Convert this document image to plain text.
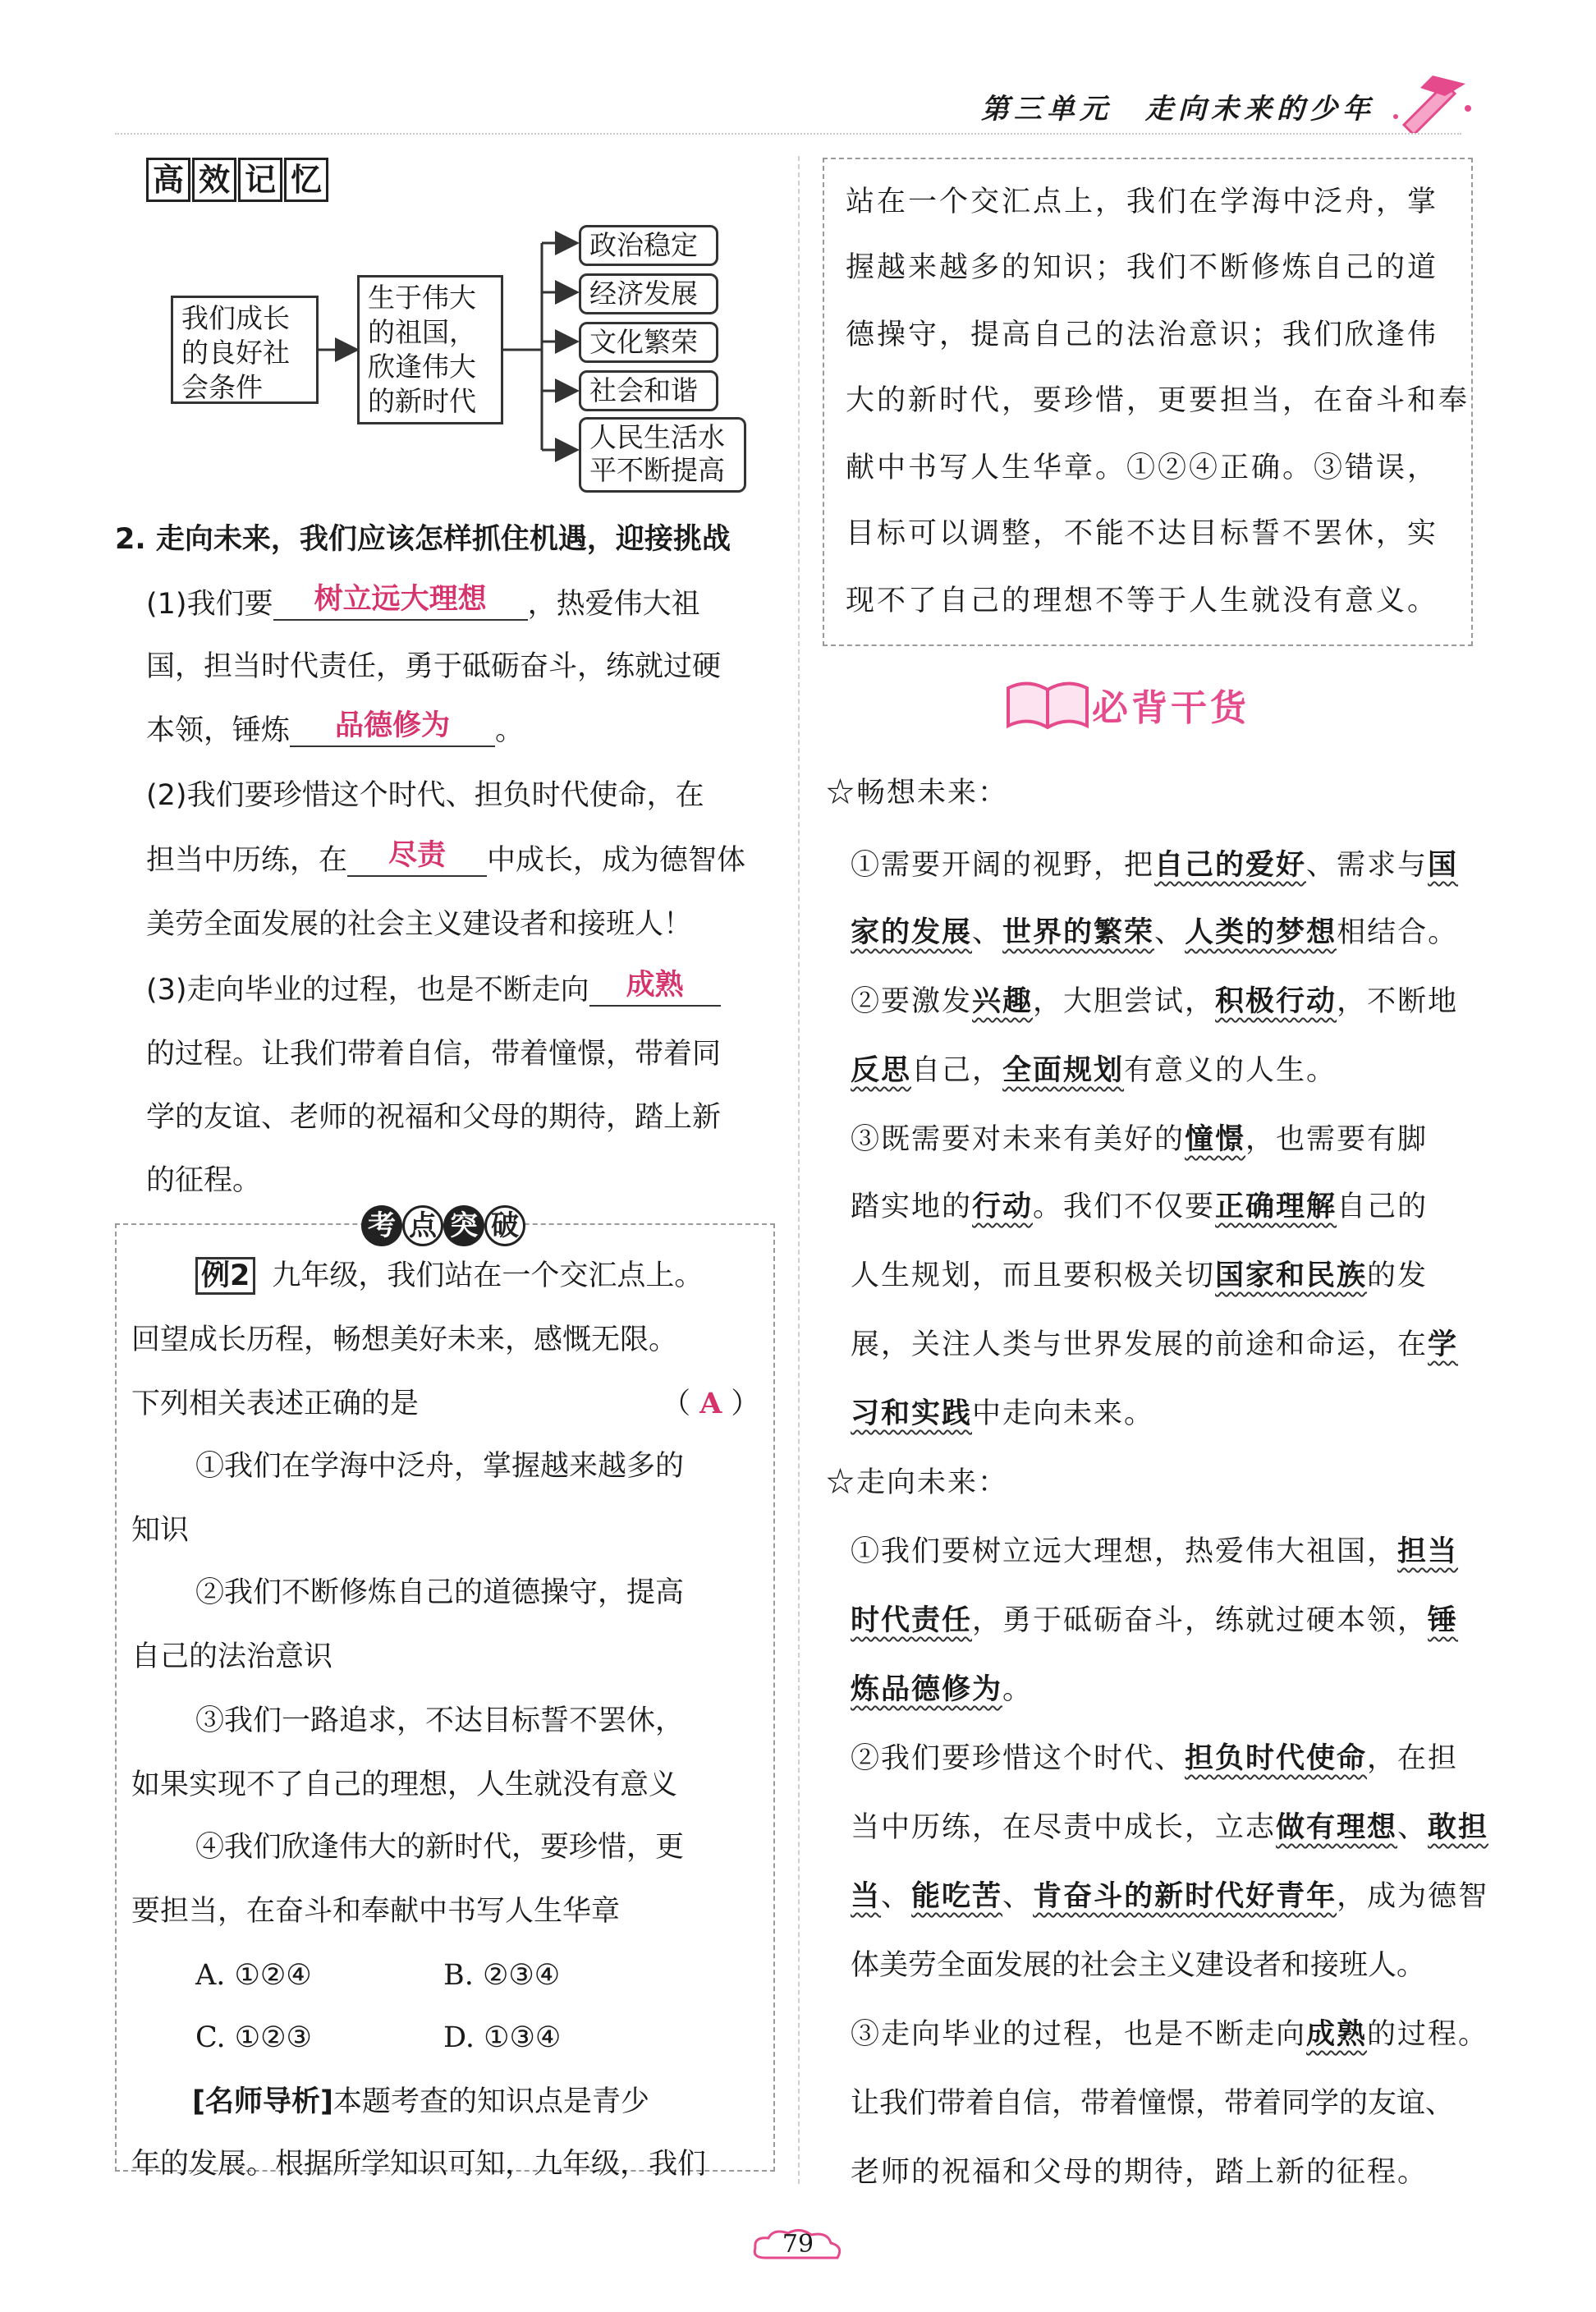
第三单元　走向未来的少年
高 效 记 忆
我们成长
的良好社
会条件
生于伟大
的祖国，
欣逢伟大
的新时代
政治稳定
经济发展
文化繁荣
社会和谐
人民生活水
平不断提高
2. 走向未来，我们应该怎样抓住机遇，迎接挑战
(1)我们要 树立远大理想 ，热爱伟大祖
国，担当时代责任，勇于砥砺奋斗，练就过硬
本领，锤炼 品德修为 。
(2)我们要珍惜这个时代、担负时代使命，在
担当中历练，在 尽责 中成长，成为德智体
美劳全面发展的社会主义建设者和接班人！
(3)走向毕业的过程，也是不断走向 成熟
的过程。让我们带着自信，带着憧憬，带着同
学的友谊、老师的祝福和父母的期待，踏上新
的征程。
考 点 突 破
例2 九年级，我们站在一个交汇点上。
回望成长历程，畅想美好未来，感慨无限。
下列相关表述正确的是	（ A ）
①我们在学海中泛舟，掌握越来越多的
知识
②我们不断修炼自己的道德操守，提高
自己的法治意识
③我们一路追求，不达目标誓不罢休，
如果实现不了自己的理想，人生就没有意义
④我们欣逢伟大的新时代，要珍惜，更
要担当，在奋斗和奉献中书写人生华章
A. ①②④	B. ②③④
C. ①②③	D. ①③④
[名师导析]本题考查的知识点是青少
年的发展。根据所学知识可知，九年级，我们
站在一个交汇点上，我们在学海中泛舟，掌
握越来越多的知识；我们不断修炼自己的道
德操守，提高自己的法治意识；我们欣逢伟
大的新时代，要珍惜，更要担当，在奋斗和奉
献中书写人生华章。①②④正确。③错误，
目标可以调整，不能不达目标誓不罢休，实
现不了自己的理想不等于人生就没有意义。
必背干货
☆畅想未来：
①需要开阔的视野，把自己的爱好、需求与国
家的发展、世界的繁荣、人类的梦想相结合。
②要激发兴趣，大胆尝试，积极行动，不断地
反思自己，全面规划有意义的人生。
③既需要对未来有美好的憧憬，也需要有脚
踏实地的行动。我们不仅要正确理解自己的
人生规划，而且要积极关切国家和民族的发
展，关注人类与世界发展的前途和命运，在学
习和实践中走向未来。
☆走向未来：
①我们要树立远大理想，热爱伟大祖国，担当
时代责任，勇于砥砺奋斗，练就过硬本领，锤
炼品德修为。
②我们要珍惜这个时代、担负时代使命，在担
当中历练，在尽责中成长，立志做有理想、敢担
当、能吃苦、肯奋斗的新时代好青年，成为德智
体美劳全面发展的社会主义建设者和接班人。
③走向毕业的过程，也是不断走向成熟的过程。
让我们带着自信，带着憧憬，带着同学的友谊、
老师的祝福和父母的期待，踏上新的征程。
79
